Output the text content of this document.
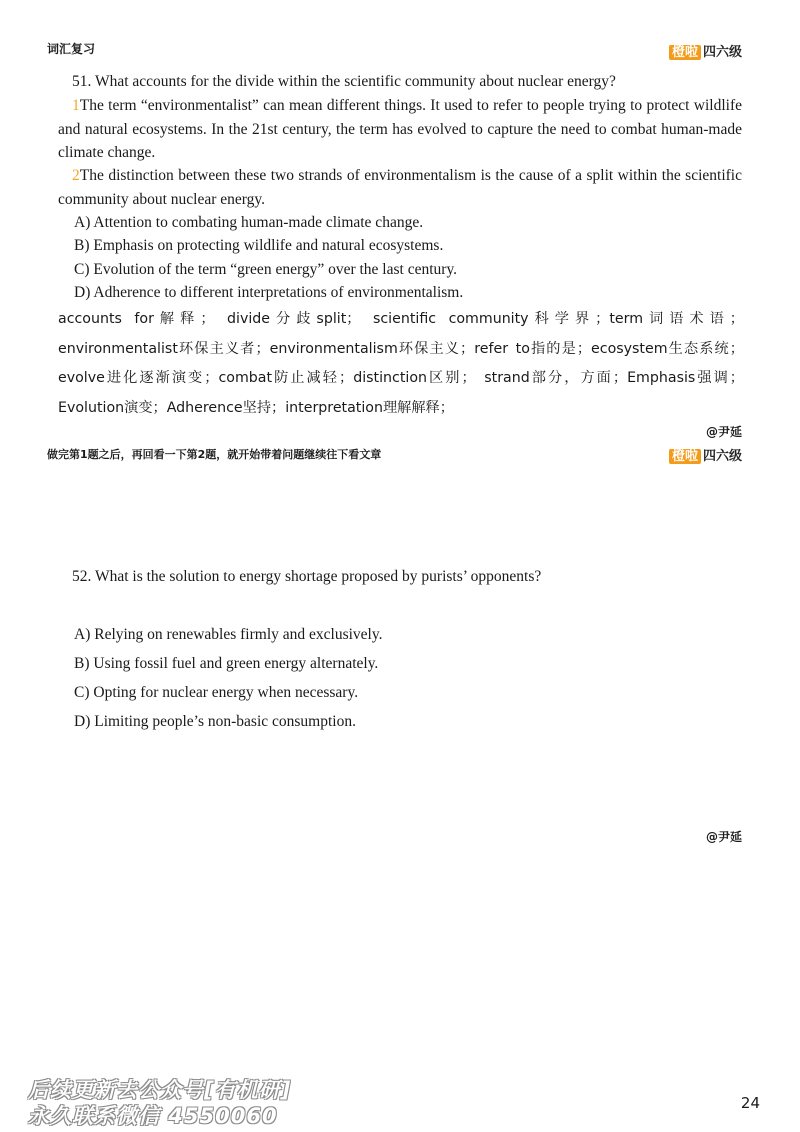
词汇复习	橙啦 四六级
51. What accounts for the divide within the scientific community about nuclear energy?
1The term “environmentalist” can mean different things. It used to refer to people trying to protect wildlife and natural ecosystems. In the 21st century, the term has evolved to capture the need to combat human-made climate change.
2The distinction between these two strands of environmentalism is the cause of a split within the scientific community about nuclear energy.
A) Attention to combating human-made climate change.
B) Emphasis on protecting wildlife and natural ecosystems.
C) Evolution of the term “green energy” over the last century.
D) Adherence to different interpretations of environmentalism.
accounts for解释； divide分歧split； scientific community科学界；term词语术语；environmentalist环保主义者；environmentalism环保主义；refer to指的是；ecosystem生态系统；evolve进化逐渐演变；combat防止减轻；distinction区别； strand部分，方面；Emphasis强调；Evolution演变；Adherence坚持；interpretation理解解释；
@尹延
做完第1题之后，再回看一下第2题，就开始带着问题继续往下看文章	橙啦 四六级
52. What is the solution to energy shortage proposed by purists’ opponents?
A) Relying on renewables firmly and exclusively.
B) Using fossil fuel and green energy alternately.
C) Opting for nuclear energy when necessary.
D) Limiting people’s non-basic consumption.
@尹延
后续更新去公众号[有机研]
永久联系微信 4550060
24
